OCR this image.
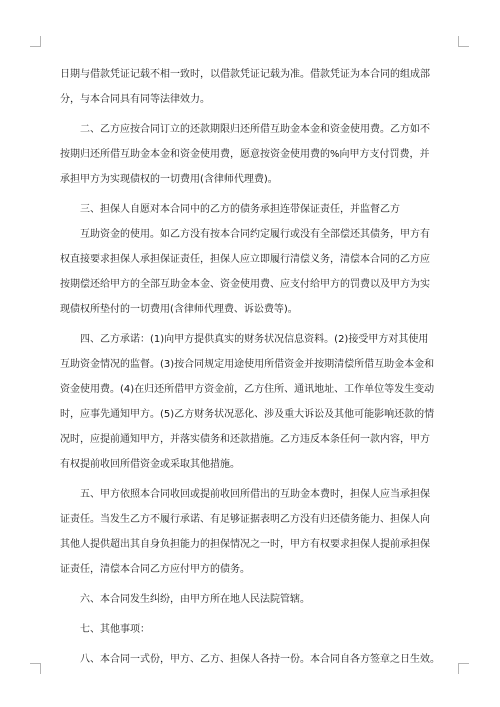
日期与借款凭证记载不相一致时，以借款凭证记载为准。借款凭证为本合同的组成部
分，与本合同具有同等法律效力。

　　二、乙方应按合同订立的还款期限归还所借互助金本金和资金使用费。乙方如不
按期归还所借互助金本金和资金使用费，愿意按资金使用费的%向甲方支付罚费，并
承担甲方为实现债权的一切费用(含律师代理费)。

　　三、担保人自愿对本合同中的乙方的债务承担连带保证责任，并监督乙方
　　互助资金的使用。如乙方没有按本合同约定履行或没有全部偿还其债务，甲方有
权直接要求担保人承担保证责任，担保人应立即履行清偿义务，清偿本合同的乙方应
按期偿还给甲方的全部互助金本金、资金使用费、应支付给甲方的罚费以及甲方为实
现债权所垫付的一切费用(含律师代理费、诉讼费等)。

　　四、乙方承诺：(1)向甲方提供真实的财务状况信息资料。(2)接受甲方对其使用
互助资金情况的监督。(3)按合同规定用途使用所借资金并按期清偿所借互助金本金和
资金使用费。(4)在归还所借甲方资金前，乙方住所、通讯地址、工作单位等发生变动
时，应事先通知甲方。(5)乙方财务状况恶化、涉及重大诉讼及其他可能影响还款的情
况时，应提前通知甲方，并落实债务和还款措施。乙方违反本条任何一款内容，甲方
有权提前收回所借资金或采取其他措施。

　　五、甲方依照本合同收回或提前收回所借出的互助金本费时，担保人应当承担保
证责任。当发生乙方不履行承诺、有足够证据表明乙方没有归还债务能力、担保人向
其他人提供超出其自身负担能力的担保情况之一时，甲方有权要求担保人提前承担保
证责任，清偿本合同乙方应付甲方的债务。

　　六、本合同发生纠纷，由甲方所在地人民法院管辖。

　　七、其他事项：

　　八、本合同一式份，甲方、乙方、担保人各持一份。本合同自各方签章之日生效。
